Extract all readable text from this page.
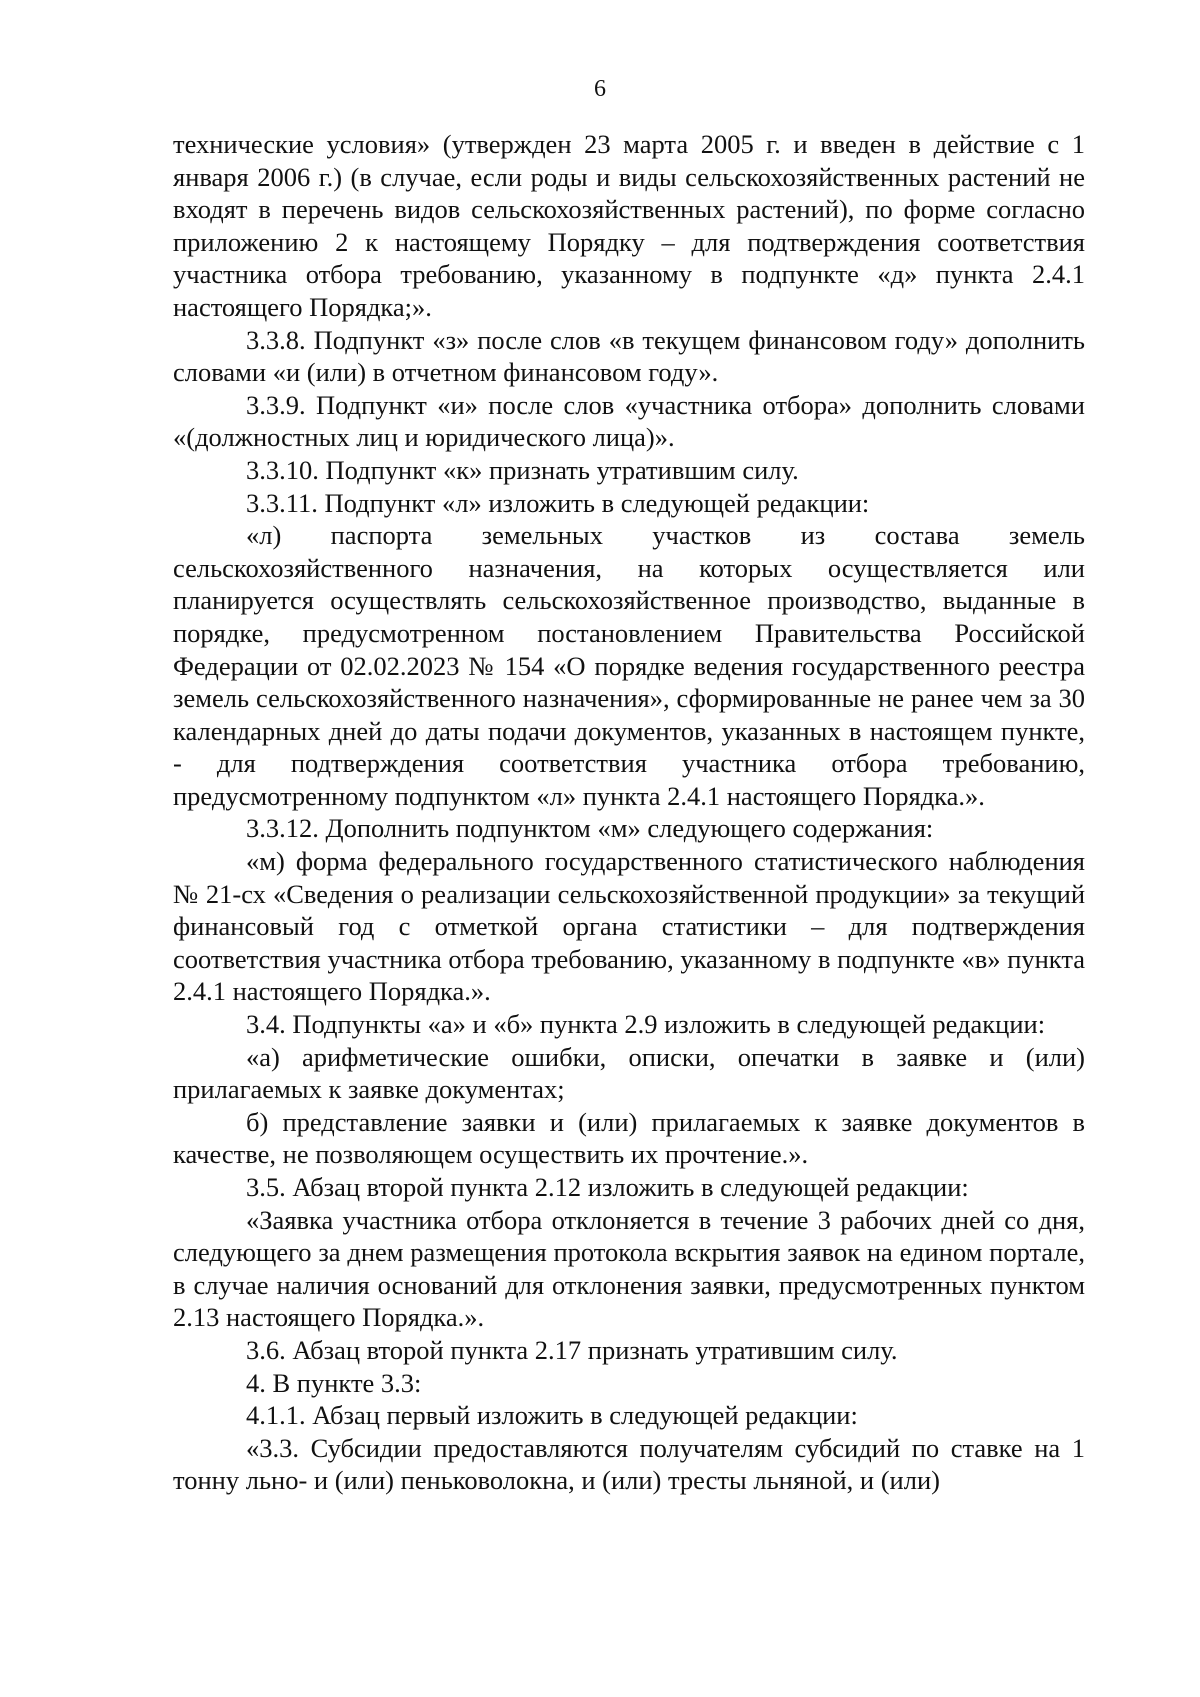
6

технические условия» (утвержден 23 марта 2005 г. и введен в действие с 1 января 2006 г.) (в случае, если роды и виды сельскохозяйственных растений не входят в перечень видов сельскохозяйственных растений), по форме согласно приложению 2 к настоящему Порядку – для подтверждения соответствия участника отбора требованию, указанному в подпункте «д» пункта 2.4.1 настоящего Порядка;».

3.3.8. Подпункт «з» после слов «в текущем финансовом году» дополнить словами «и (или) в отчетном финансовом году».

3.3.9. Подпункт «и» после слов «участника отбора» дополнить словами «(должностных лиц и юридического лица)».

3.3.10. Подпункт «к» признать утратившим силу.

3.3.11. Подпункт «л» изложить в следующей редакции:

«л) паспорта земельных участков из состава земель сельскохозяйственного назначения, на которых осуществляется или планируется осуществлять сельскохозяйственное производство, выданные в порядке, предусмотренном постановлением Правительства Российской Федерации от 02.02.2023 № 154 «О порядке ведения государственного реестра земель сельскохозяйственного назначения», сформированные не ранее чем за 30 календарных дней до даты подачи документов, указанных в настоящем пункте, - для подтверждения соответствия участника отбора требованию, предусмотренному подпунктом «л» пункта 2.4.1 настоящего Порядка.».

3.3.12. Дополнить подпунктом «м» следующего содержания:

«м) форма федерального государственного статистического наблюдения № 21-сх «Сведения о реализации сельскохозяйственной продукции» за текущий финансовый год с отметкой органа статистики – для подтверждения соответствия участника отбора требованию, указанному в подпункте «в» пункта 2.4.1 настоящего Порядка.».

3.4. Подпункты «а» и «б» пункта 2.9 изложить в следующей редакции:

«а) арифметические ошибки, описки, опечатки в заявке и (или) прилагаемых к заявке документах;

б) представление заявки и (или) прилагаемых к заявке документов в качестве, не позволяющем осуществить их прочтение.».

3.5. Абзац второй пункта 2.12 изложить в следующей редакции:

«Заявка участника отбора отклоняется в течение 3 рабочих дней со дня, следующего за днем размещения протокола вскрытия заявок на едином портале, в случае наличия оснований для отклонения заявки, предусмотренных пунктом 2.13 настоящего Порядка.».

3.6. Абзац второй пункта 2.17 признать утратившим силу.

4. В пункте 3.3:

4.1.1. Абзац первый изложить в следующей редакции:

«3.3. Субсидии предоставляются получателям субсидий по ставке на 1 тонну льно- и (или) пеньковолокна, и (или) тресты льняной, и (или)
